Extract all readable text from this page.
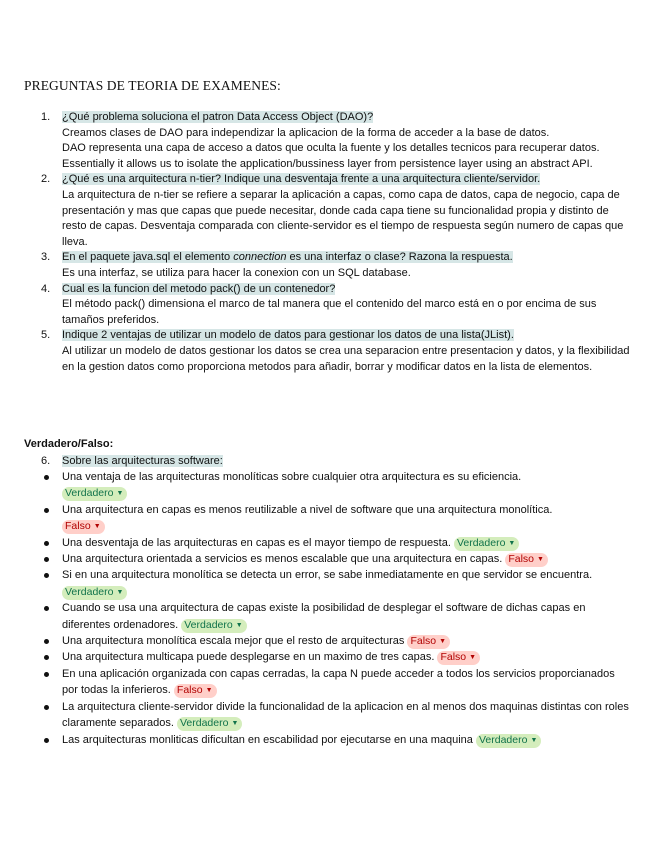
PREGUNTAS DE TEORIA DE EXAMENES:
1. ¿Qué problema soluciona el patron Data Access Object (DAO)?
Creamos clases de DAO para independizar la aplicacion de la forma de acceder a la base de datos.
DAO representa una capa de acceso a datos que oculta la fuente y los detalles tecnicos para recuperar datos.
Essentially it allows us to isolate the application/bussiness layer from persistence layer using an abstract API.
2. ¿Qué es una arquitectura n-tier? Indique una desventaja frente a una arquitectura cliente/servidor.
La arquitectura de n-tier se refiere a separar la aplicación a capas, como capa de datos, capa de negocio, capa de presentación y mas que capas que puede necesitar, donde cada capa tiene su funcionalidad propia y distinto de resto de capas. Desventaja comparada con cliente-servidor es el tiempo de respuesta según numero de capas que lleva.
3. En el paquete java.sql el elemento connection es una interfaz o clase? Razona la respuesta.
Es una interfaz, se utiliza para hacer la conexion con un SQL database.
4. Cual es la funcion del metodo pack() de un contenedor?
El método pack() dimensiona el marco de tal manera que el contenido del marco está en o por encima de sus tamaños preferidos.
5. Indique 2 ventajas de utilizar un modelo de datos para gestionar los datos de una lista(JList).
Al utilizar un modelo de datos gestionar los datos se crea una separacion entre presentacion y datos, y la flexibilidad en la gestion datos como proporciona metodos para añadir, borrar y modificar datos en la lista de elementos.
Verdadero/Falso:
6. Sobre las arquitecturas software:
Una ventaja de las arquitecturas monolíticas sobre cualquier otra arquitectura es su eficiencia.
Verdadero ▼
Una arquitectura en capas es menos reutilizable a nivel de software que una arquitectura monolítica.
Falso ▼
Una desventaja de las arquitecturas en capas es el mayor tiempo de respuesta. Verdadero ▼
Una arquitectura orientada a servicios es menos escalable que una arquitectura en capas. Falso ▼
Si en una arquitectura monolítica se detecta un error, se sabe inmediatamente en que servidor se encuentra.
Verdadero ▼
Cuando se usa una arquitectura de capas existe la posibilidad de desplegar el software de dichas capas en diferentes ordenadores. Verdadero ▼
Una arquitectura monolítica escala mejor que el resto de arquitecturas Falso ▼
Una arquitectura multicapa puede desplegarse en un maximo de tres capas. Falso ▼
En una aplicación organizada con capas cerradas, la capa N puede acceder a todos los servicios proporcianados por todas la inferieros. Falso ▼
La arquitectura cliente-servidor divide la funcionalidad de la aplicacion en al menos dos maquinas distintas con roles claramente separados. Verdadero ▼
Las arquitecturas monliticas dificultan en escabilidad por ejecutarse en una maquina Verdadero ▼
